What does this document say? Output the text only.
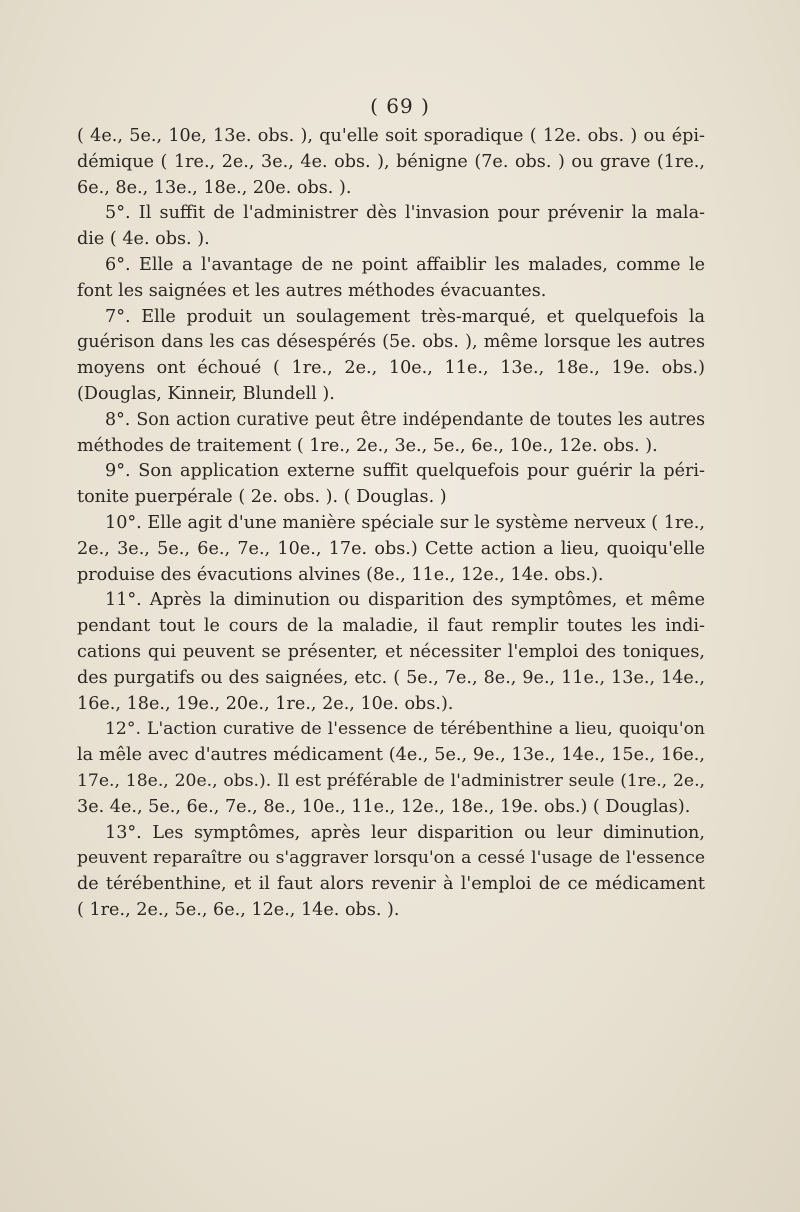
( 69 )
( 4e., 5e., 10e, 13e. obs. ), qu'elle soit sporadique ( 12e. obs. ) ou épi-
démique ( 1re., 2e., 3e., 4e. obs. ), bénigne (7e. obs. ) ou grave (1re.,
6e., 8e., 13e., 18e., 20e. obs. ).
5°. Il suffit de l'administrer dès l'invasion pour prévenir la mala-
die ( 4e. obs. ).
6°. Elle a l'avantage de ne point affaiblir les malades, comme le
font les saignées et les autres méthodes évacuantes.
7°. Elle produit un soulagement très-marqué, et quelquefois la
guérison dans les cas désespérés (5e. obs. ), même lorsque les autres
moyens ont échoué ( 1re., 2e., 10e., 11e., 13e., 18e., 19e. obs.)
(Douglas, Kinneir, Blundell ).
8°. Son action curative peut être indépendante de toutes les autres
méthodes de traitement ( 1re., 2e., 3e., 5e., 6e., 10e., 12e. obs. ).
9°. Son application externe suffit quelquefois pour guérir la péri-
tonite puerpérale ( 2e. obs. ). ( Douglas. )
10°. Elle agit d'une manière spéciale sur le système nerveux ( 1re.,
2e., 3e., 5e., 6e., 7e., 10e., 17e. obs.) Cette action a lieu, quoiqu'elle
produise des évacutions alvines (8e., 11e., 12e., 14e. obs.).
11°. Après la diminution ou disparition des symptômes, et même
pendant tout le cours de la maladie, il faut remplir toutes les indi-
cations qui peuvent se présenter, et nécessiter l'emploi des toniques,
des purgatifs ou des saignées, etc. ( 5e., 7e., 8e., 9e., 11e., 13e., 14e.,
16e., 18e., 19e., 20e., 1re., 2e., 10e. obs.).
12°. L'action curative de l'essence de térébenthine a lieu, quoiqu'on
la mêle avec d'autres médicament (4e., 5e., 9e., 13e., 14e., 15e., 16e.,
17e., 18e., 20e., obs.). Il est préférable de l'administrer seule (1re., 2e.,
3e. 4e., 5e., 6e., 7e., 8e., 10e., 11e., 12e., 18e., 19e. obs.) ( Douglas).
13°. Les symptômes, après leur disparition ou leur diminution,
peuvent reparaître ou s'aggraver lorsqu'on a cessé l'usage de l'essence
de térébenthine, et il faut alors revenir à l'emploi de ce médicament
( 1re., 2e., 5e., 6e., 12e., 14e. obs. ).
